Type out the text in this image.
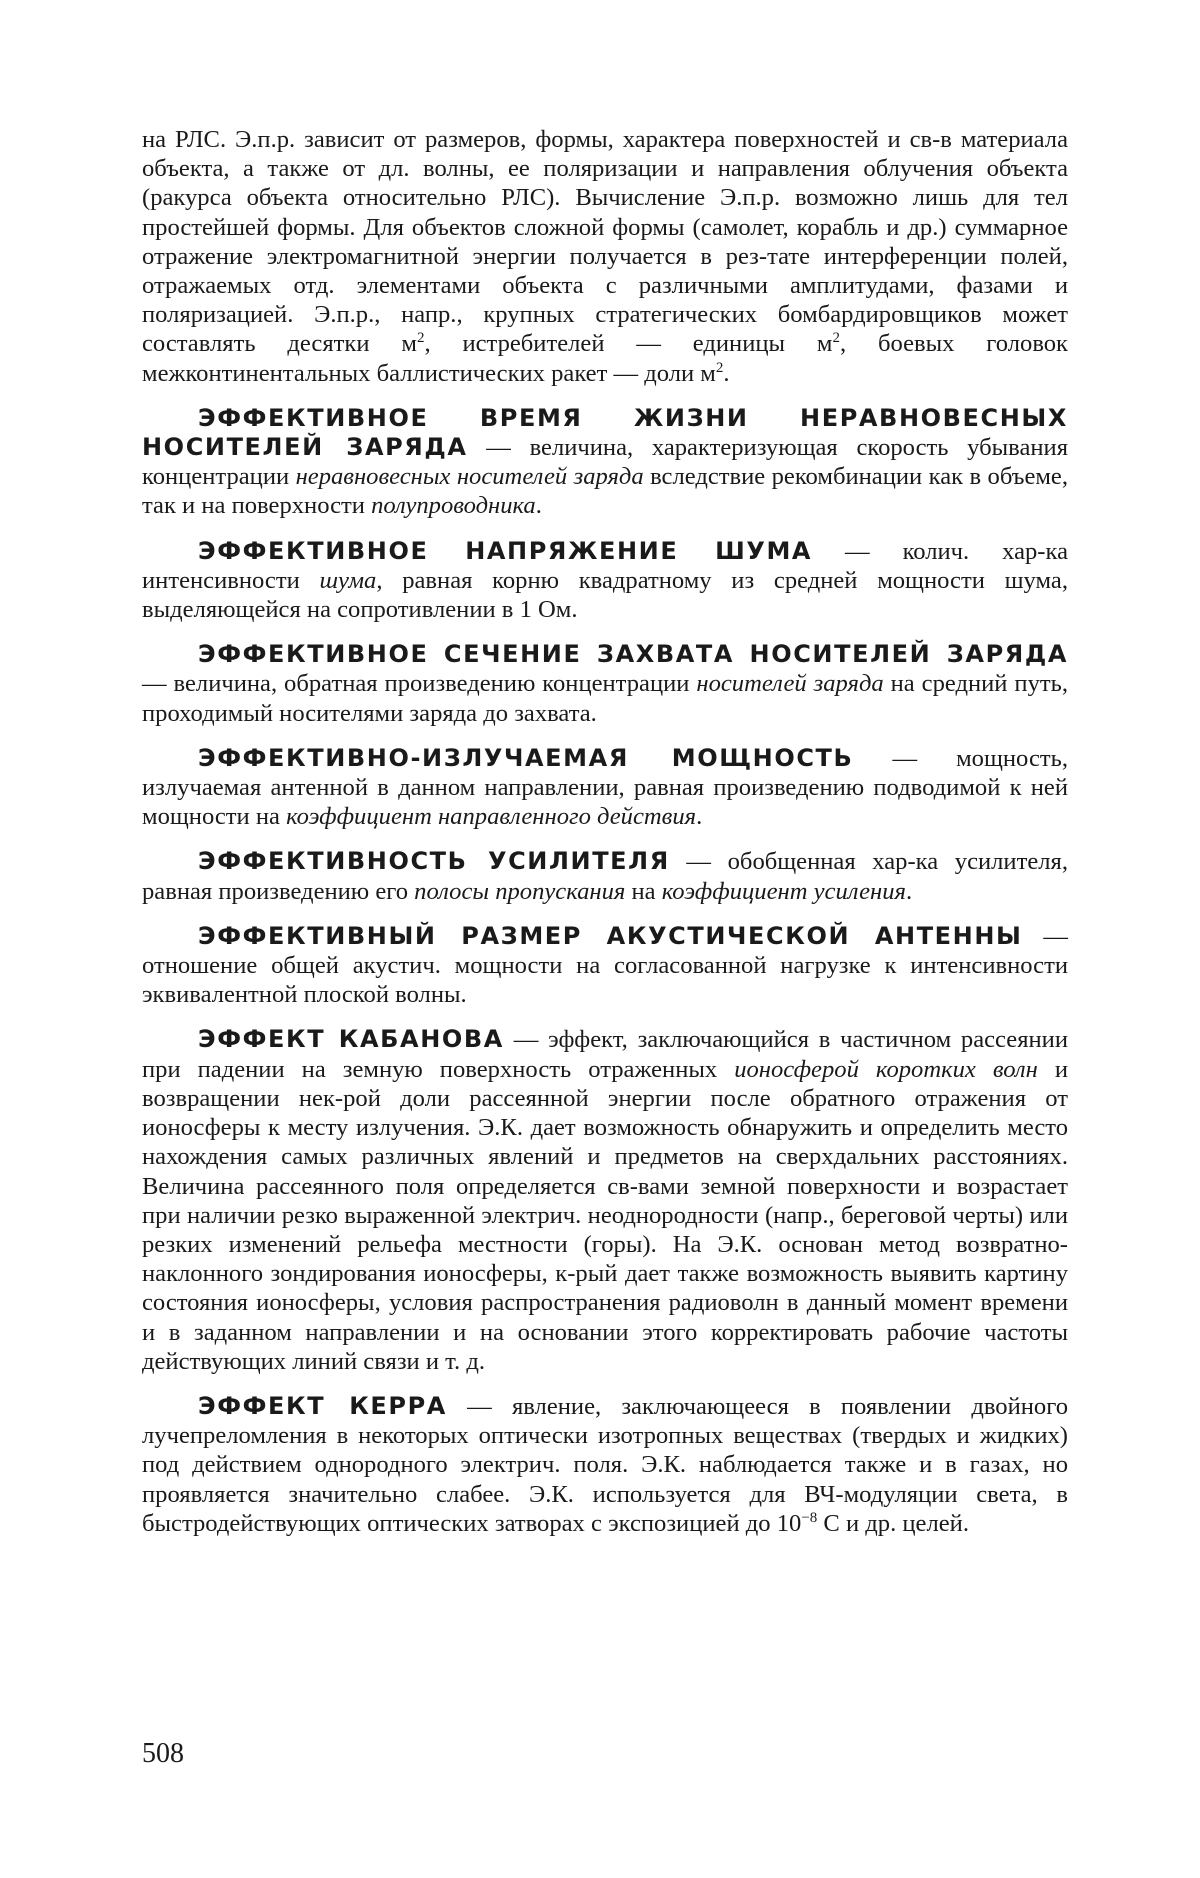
на РЛС. Э.п.р. зависит от размеров, формы, характера поверхностей и св-в материала объекта, а также от дл. волны, ее поляризации и направления облучения объекта (ракурса объекта относительно РЛС). Вычисление Э.п.р. возможно лишь для тел простейшей формы. Для объектов сложной формы (самолет, корабль и др.) суммарное отражение электромагнитной энергии получается в рез-тате интерференции полей, отражаемых отд. элементами объекта с различными амплитудами, фазами и поляризацией. Э.п.р., напр., крупных стратегических бомбардировщиков может составлять десятки $м^2$, истребителей — единицы $м^2$, боевых головок межконтинентальных баллистических ракет — доли $м^2$.

ЭФФЕКТИВНОЕ ВРЕМЯ ЖИЗНИ НЕРАВНОВЕСНЫХ НОСИТЕЛЕЙ ЗАРЯДА — величина, характеризующая скорость убывания концентрации неравновесных носителей заряда вследствие рекомбинации как в объеме, так и на поверхности полупроводника.

ЭФФЕКТИВНОЕ НАПРЯЖЕНИЕ ШУМА — колич. хар-ка интенсивности шума, равная корню квадратному из средней мощности шума, выделяющейся на сопротивлении в 1 Ом.

ЭФФЕКТИВНОЕ СЕЧЕНИЕ ЗАХВАТА НОСИТЕЛЕЙ ЗАРЯДА — величина, обратная произведению концентрации носителей заряда на средний путь, проходимый носителями заряда до захвата.

ЭФФЕКТИВНО-ИЗЛУЧАЕМАЯ МОЩНОСТЬ — мощность, излучаемая антенной в данном направлении, равная произведению подводимой к ней мощности на коэффициент направленного действия.

ЭФФЕКТИВНОСТЬ УСИЛИТЕЛЯ — обобщенная хар-ка усилителя, равная произведению его полосы пропускания на коэффициент усиления.

ЭФФЕКТИВНЫЙ РАЗМЕР АКУСТИЧЕСКОЙ АНТЕННЫ — отношение общей акустич. мощности на согласованной нагрузке к интенсивности эквивалентной плоской волны.

ЭФФЕКТ КАБАНОВА — эффект, заключающийся в частичном рассеянии при падении на земную поверхность отраженных ионосферой коротких волн и возвращении нек-рой доли рассеянной энергии после обратного отражения от ионосферы к месту излучения. Э.К. дает возможность обнаружить и определить место нахождения самых различных явлений и предметов на сверхдальних расстояниях. Величина рассеянного поля определяется св-вами земной поверхности и возрастает при наличии резко выраженной электрич. неоднородности (напр., береговой черты) или резких изменений рельефа местности (горы). На Э.К. основан метод возвратно-наклонного зондирования ионосферы, к-рый дает также возможность выявить картину состояния ионосферы, условия распространения радиоволн в данный момент времени и в заданном направлении и на основании этого корректировать рабочие частоты действующих линий связи и т. д.

ЭФФЕКТ КЕРРА — явление, заключающееся в появлении двойного лучепреломления в некоторых оптически изотропных веществах (твердых и жидких) под действием однородного электрич. поля. Э.К. наблюдается также и в газах, но проявляется значительно слабее. Э.К. используется для ВЧ-модуляции света, в быстродействующих оптических затворах с экспозицией до $10^{-8}$ С и др. целей.

508
